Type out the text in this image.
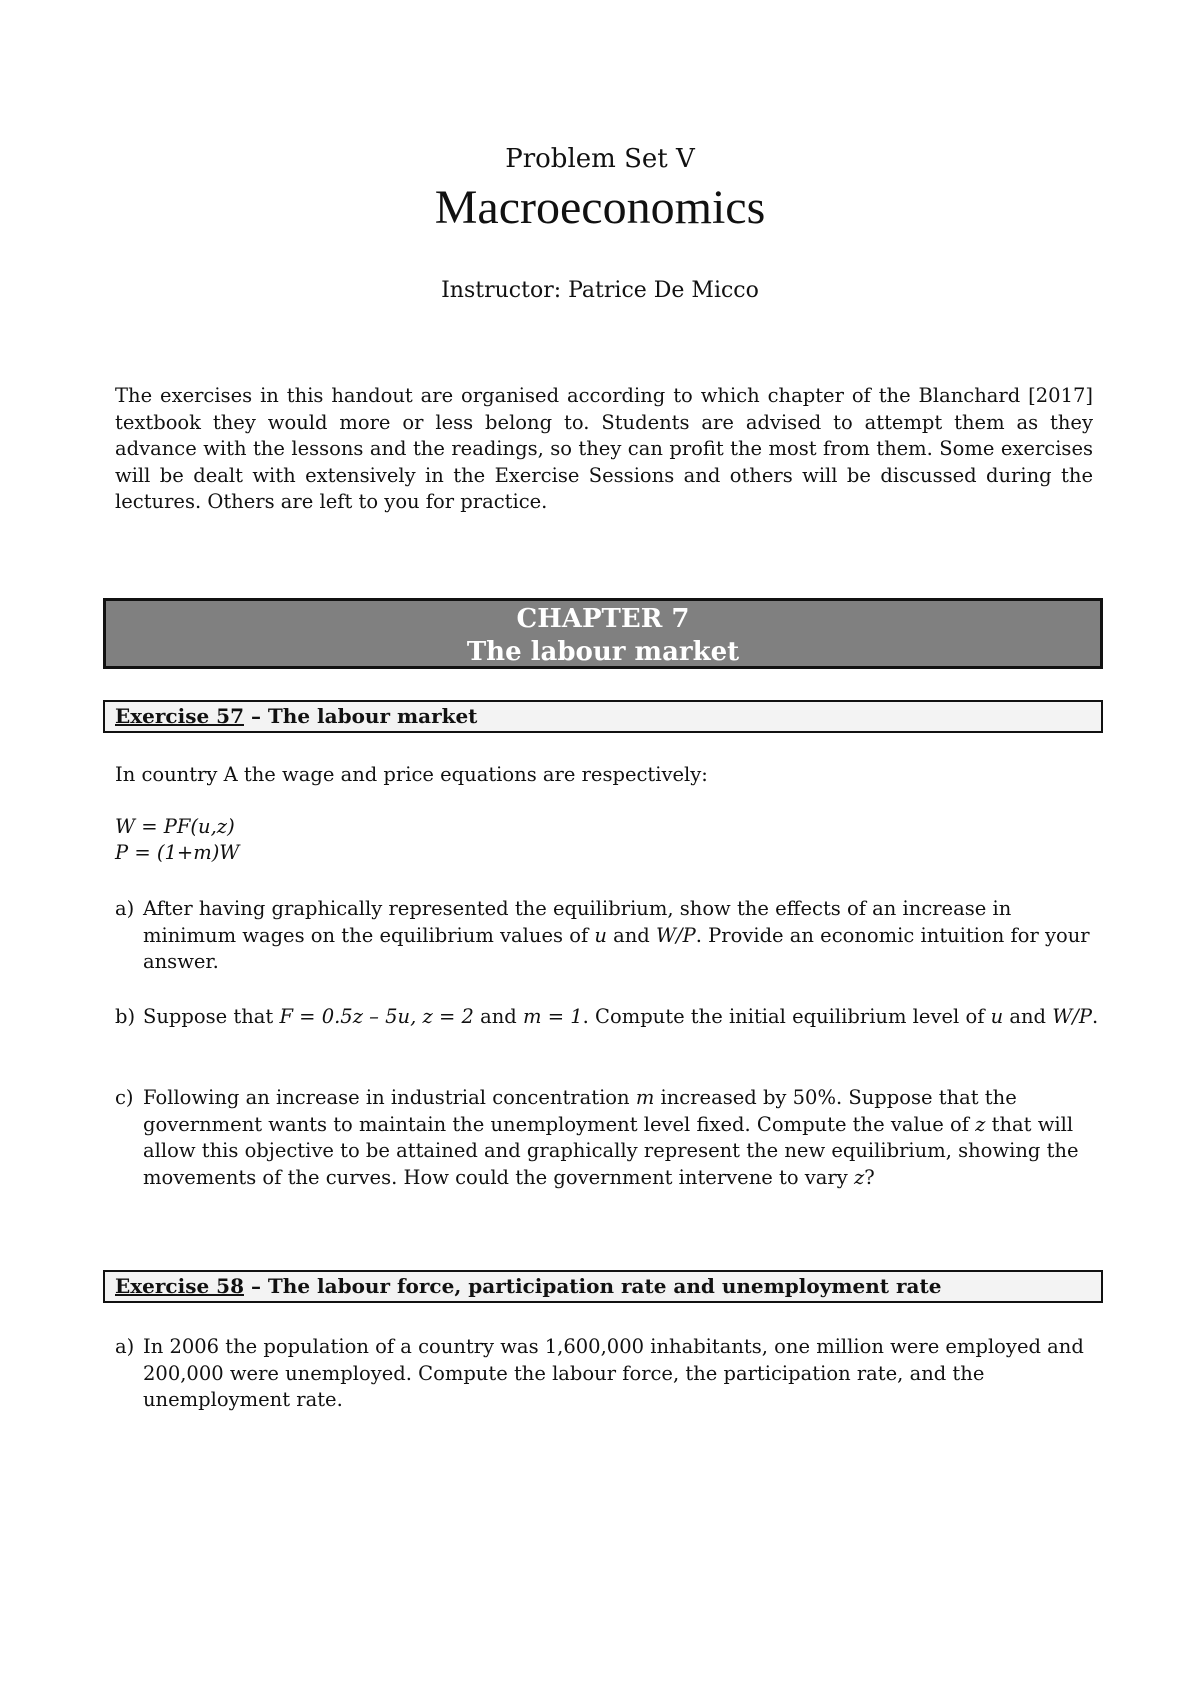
Problem Set V
Macroeconomics
Instructor: Patrice De Micco
The exercises in this handout are organised according to which chapter of the Blanchard [2017] textbook they would more or less belong to. Students are advised to attempt them as they advance with the lessons and the readings, so they can profit the most from them. Some exercises will be dealt with extensively in the Exercise Sessions and others will be discussed during the lectures. Others are left to you for practice.
CHAPTER 7
The labour market
Exercise 57 – The labour market
In country A the wage and price equations are respectively:
W = PF(u,z)
P = (1+m)W
a) After having graphically represented the equilibrium, show the effects of an increase in minimum wages on the equilibrium values of u and W/P. Provide an economic intuition for your answer.
b) Suppose that F = 0.5z – 5u, z = 2 and m = 1. Compute the initial equilibrium level of u and W/P.
c) Following an increase in industrial concentration m increased by 50%. Suppose that the government wants to maintain the unemployment level fixed. Compute the value of z that will allow this objective to be attained and graphically represent the new equilibrium, showing the movements of the curves. How could the government intervene to vary z?
Exercise 58 – The labour force, participation rate and unemployment rate
a) In 2006 the population of a country was 1,600,000 inhabitants, one million were employed and 200,000 were unemployed. Compute the labour force, the participation rate, and the unemployment rate.
